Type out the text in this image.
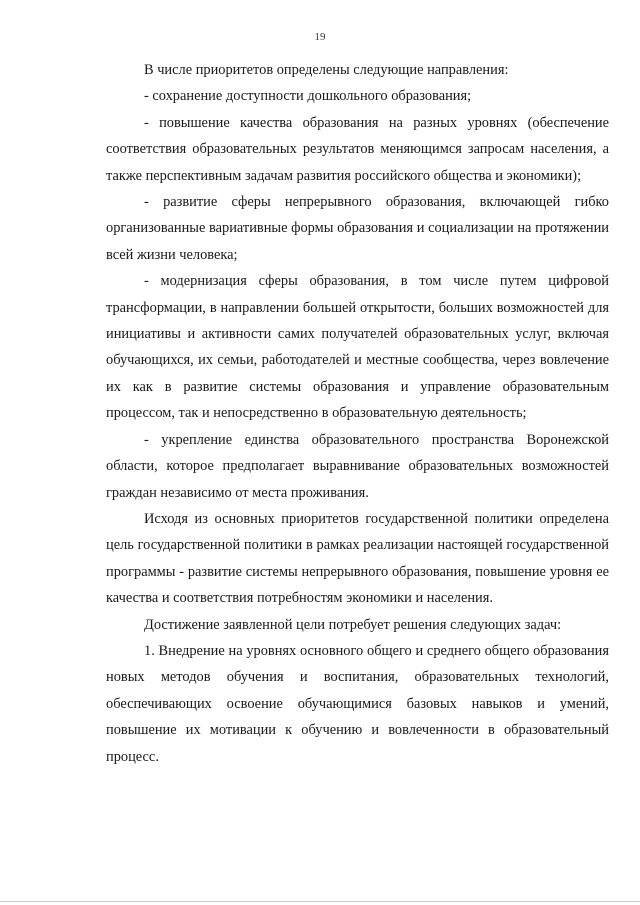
19

В числе приоритетов определены следующие направления:

- сохранение доступности дошкольного образования;

- повышение качества образования на разных уровнях (обеспечение соответствия образовательных результатов меняющимся запросам населения, а также перспективным задачам развития российского общества и экономики);

- развитие сферы непрерывного образования, включающей гибко организованные вариативные формы образования и социализации на протяжении всей жизни человека;

- модернизация сферы образования, в том числе путем цифровой трансформации, в направлении большей открытости, больших возможностей для инициативы и активности самих получателей образовательных услуг, включая обучающихся, их семьи, работодателей и местные сообщества, через вовлечение их как в развитие системы образования и управление образовательным процессом, так и непосредственно в образовательную деятельность;

- укрепление единства образовательного пространства Воронежской области, которое предполагает выравнивание образовательных возможностей граждан независимо от места проживания.

Исходя из основных приоритетов государственной политики определена цель государственной политики в рамках реализации настоящей государственной программы - развитие системы непрерывного образования, повышение уровня ее качества и соответствия потребностям экономики и населения.

Достижение заявленной цели потребует решения следующих задач:

1. Внедрение на уровнях основного общего и среднего общего образования новых методов обучения и воспитания, образовательных технологий, обеспечивающих освоение обучающимися базовых навыков и умений, повышение их мотивации к обучению и вовлеченности в образовательный процесс.
